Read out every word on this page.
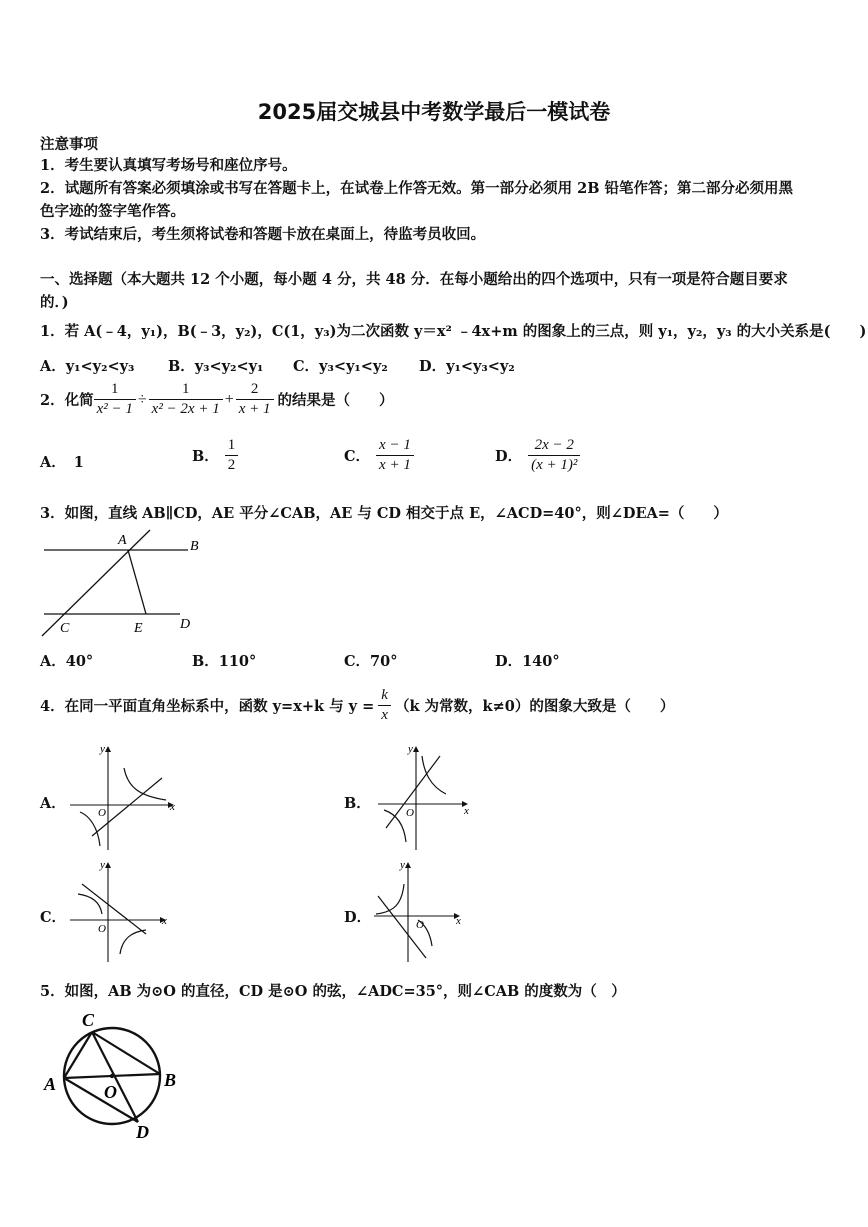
2025届交城县中考数学最后一模试卷
注意事项
1．考生要认真填写考场号和座位序号。
2．试题所有答案必须填涂或书写在答题卡上，在试卷上作答无效。第一部分必须用 2B 铅笔作答；第二部分必须用黑
色字迹的签字笔作答。
3．考试结束后，考生须将试卷和答题卡放在桌面上，待监考员收回。
一、选择题（本大题共 12 个小题，每小题 4 分，共 48 分．在每小题给出的四个选项中，只有一项是符合题目要求
的．)
1．若 A(﹣4，y₁)，B(﹣3，y₂)，C(1，y₃)为二次函数 y＝x² ﹣4x+m 的图象上的三点，则 y₁，y₂，y₃ 的大小关系是(　　)
A．y₁<y₂<y₃ B．y₃<y₂<y₁ C．y₃<y₁<y₂ D．y₁<y₃<y₂
2．化简 $\frac{1}{\text{x² − 1}} \div \frac{1}{\text{x² − 2x + 1}} + \frac{2}{x + 1}$ 的结果是（　　）
A． 1	B． $\frac{1}{2}$	C． $\frac{x - 1}{x + 1}$	D． $\frac{2x - 2}{\text{(x + 1)²}}$
3．如图，直线 AB∥CD，AE 平分∠CAB，AE 与 CD 相交于点 E，∠ACD=40°，则∠DEA=（　　）
A	B
C	E	D
A．40°	B．110°	C．70°	D．140°
4．在同一平面直角坐标系中，函数 y=x+k 与 $y = \frac{k}{x} (k$ 为常数，k≠0）的图象大致是（　　）
A．	x
y
O
B．	x
y
O
C．	x
y
O
D．	x
y
O
5．如图，AB 为⊙O 的直径，CD 是⊙O 的弦，∠ADC=35°，则∠CAB 的度数为（　）
A	B
C
D
O
